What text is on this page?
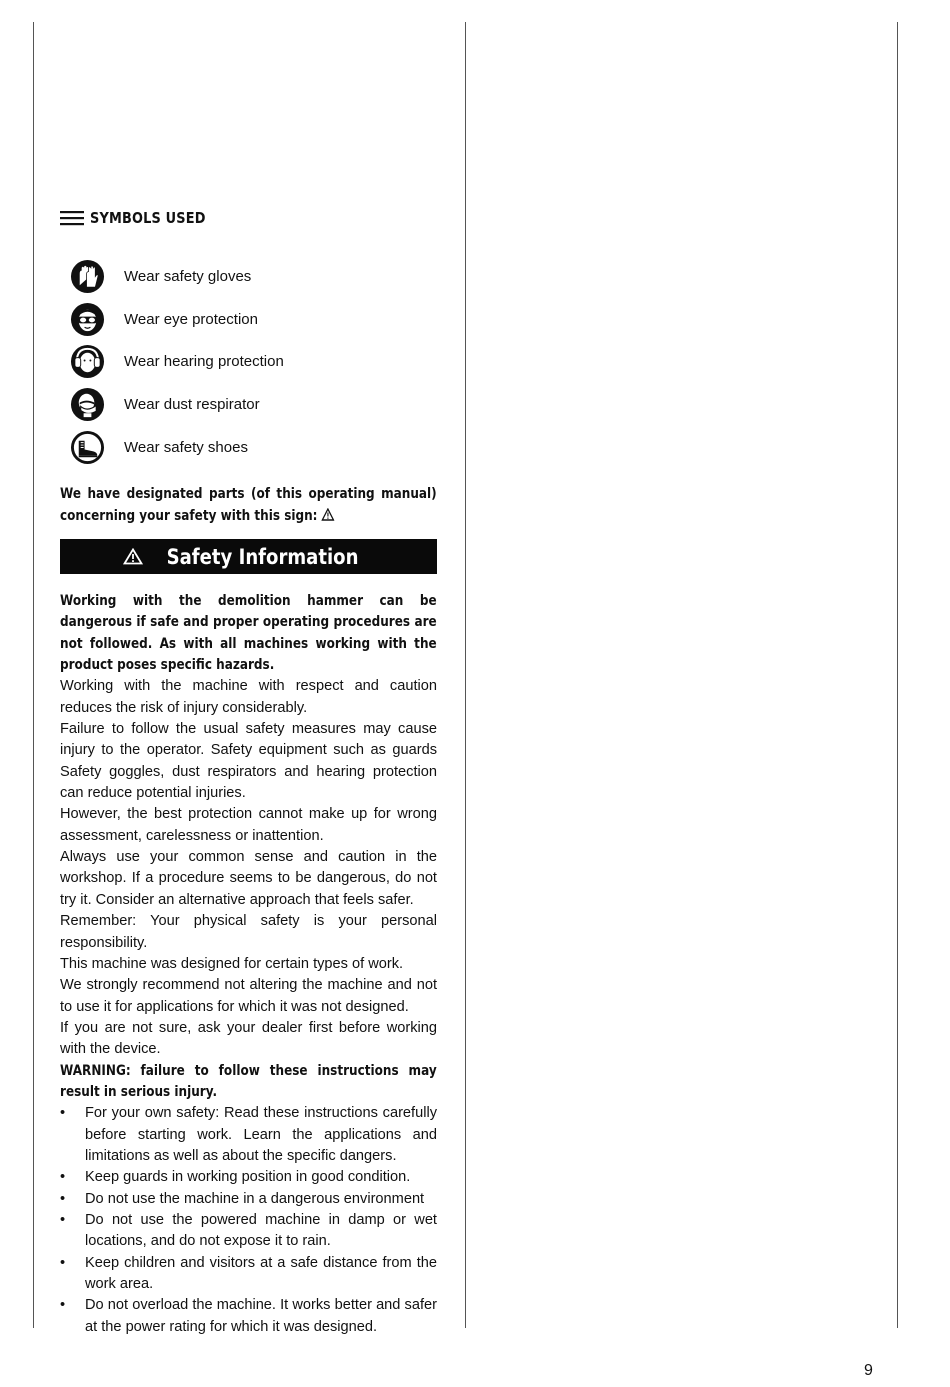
SYMBOLS USED
Wear safety gloves
Wear eye protection
Wear hearing protection
Wear dust respirator
Wear safety shoes
We have designated parts (of this operating manual) concerning your safety with this sign:
Safety Information

Working with the demolition hammer can be dangerous if safe and proper operating procedures are not followed. As with all machines working with the product poses specific hazards.

Working with the machine with respect and caution reduces the risk of injury considerably.

Failure to follow the usual safety measures may cause injury to the operator. Safety equipment such as guards Safety goggles, dust respirators and hearing protection can reduce potential injuries.

However, the best protection cannot make up for wrong assessment, carelessness or inattention.

Always use your common sense and caution in the workshop. If a procedure seems to be dangerous, do not try it. Consider an alternative approach that feels safer.

Remember: Your physical safety is your personal responsibility.

This machine was designed for certain types of work.

We strongly recommend not altering the machine and not to use it for applications for which it was not designed.

If you are not sure, ask your dealer first before working with the device.

WARNING: failure to follow these instructions may result in serious injury.

• For your own safety: Read these instructions carefully before starting work. Learn the applications and limitations as well as about the specific dangers.
• Keep guards in working position in good condition.
• Do not use the machine in a dangerous environment
• Do not use the powered machine in damp or wet locations, and do not expose it to rain.
• Keep children and visitors at a safe distance from the work area.
• Do not overload the machine. It works better and safer at the power rating for which it was designed.
9
